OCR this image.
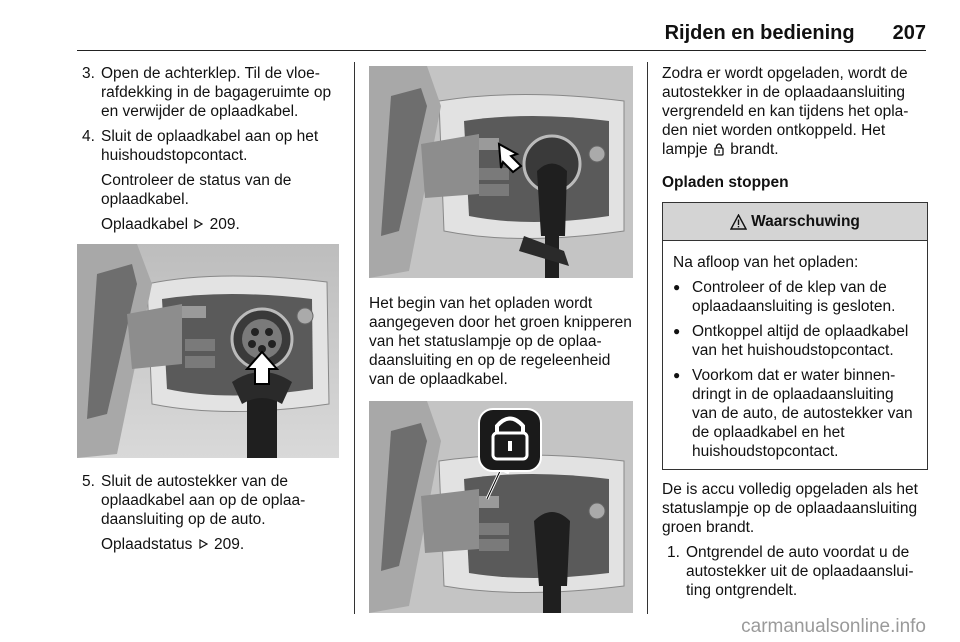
Rijden en bediening 207
3. Open de achterklep. Til de vloerafdekking in de bagageruimte op en verwijder de oplaadkabel.
4. Sluit de oplaadkabel aan op het huishoudstopcontact.
Controleer de status van de oplaadkabel.
Oplaadkabel 209.
5. Sluit de autostekker van de oplaadkabel aan op de oplaadaansluiting op de auto.
Oplaadstatus 209.
Het begin van het opladen wordt aangegeven door het groen knipperen van het statuslampje op de oplaadaansluiting en op de regeleenheid van de oplaadkabel.
Zodra er wordt opgeladen, wordt de autostekker in de oplaadaansluiting vergrendeld en kan tijdens het opladen niet worden ontkoppeld. Het lampje brandt.
Opladen stoppen
Waarschuwing
Na afloop van het opladen:
● Controleer of de klep van de oplaadaansluiting is gesloten.
● Ontkoppel altijd de oplaadkabel van het huishoudstopcontact.
● Voorkom dat er water binnendringt in de oplaadaansluiting van de auto, de autostekker van de oplaadkabel en het huishoudstopcontact.
De is accu volledig opgeladen als het statuslampje op de oplaadaansluiting groen brandt.
1. Ontgrendel de auto voordat u de autostekker uit de oplaadaansluiting ontgrendelt.
carmanualsonline.info
